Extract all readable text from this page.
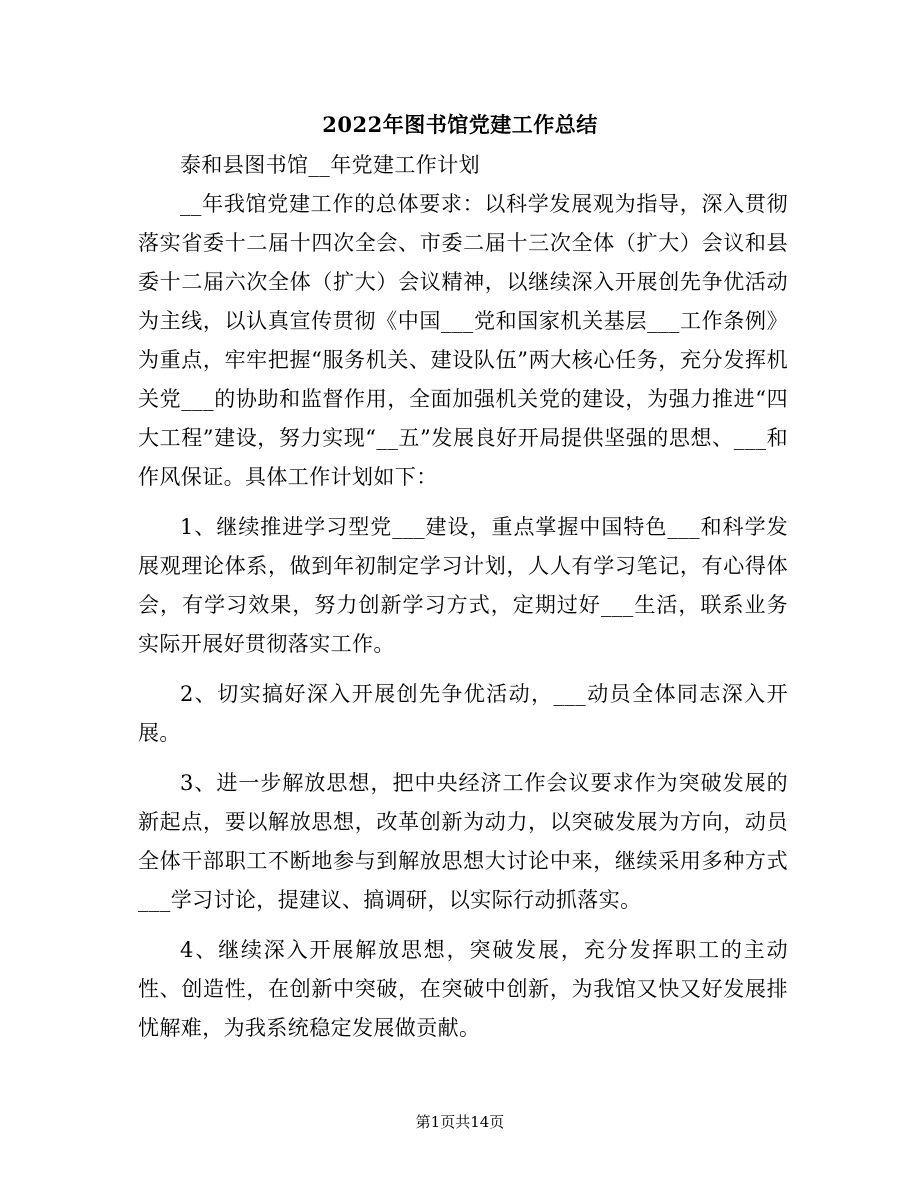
2022年图书馆党建工作总结

泰和县图书馆__年党建工作计划

__年我馆党建工作的总体要求：以科学发展观为指导，深入贯彻落实省委十二届十四次全会、市委二届十三次全体（扩大）会议和县委十二届六次全体（扩大）会议精神，以继续深入开展创先争优活动为主线，以认真宣传贯彻《中国___党和国家机关基层___工作条例》为重点，牢牢把握“服务机关、建设队伍”两大核心任务，充分发挥机关党___的协助和监督作用，全面加强机关党的建设，为强力推进“四大工程”建设，努力实现“__五”发展良好开局提供坚强的思想、___和作风保证。具体工作计划如下：

1、继续推进学习型党___建设，重点掌握中国特色___和科学发展观理论体系，做到年初制定学习计划，人人有学习笔记，有心得体会，有学习效果，努力创新学习方式，定期过好___生活，联系业务实际开展好贯彻落实工作。

2、切实搞好深入开展创先争优活动，___动员全体同志深入开展。

3、进一步解放思想，把中央经济工作会议要求作为突破发展的新起点，要以解放思想，改革创新为动力，以突破发展为方向，动员全体干部职工不断地参与到解放思想大讨论中来，继续采用多种方式___学习讨论，提建议、搞调研，以实际行动抓落实。

4、继续深入开展解放思想，突破发展，充分发挥职工的主动性、创造性，在创新中突破，在突破中创新，为我馆又快又好发展排忧解难，为我系统稳定发展做贡献。

第1页共14页
